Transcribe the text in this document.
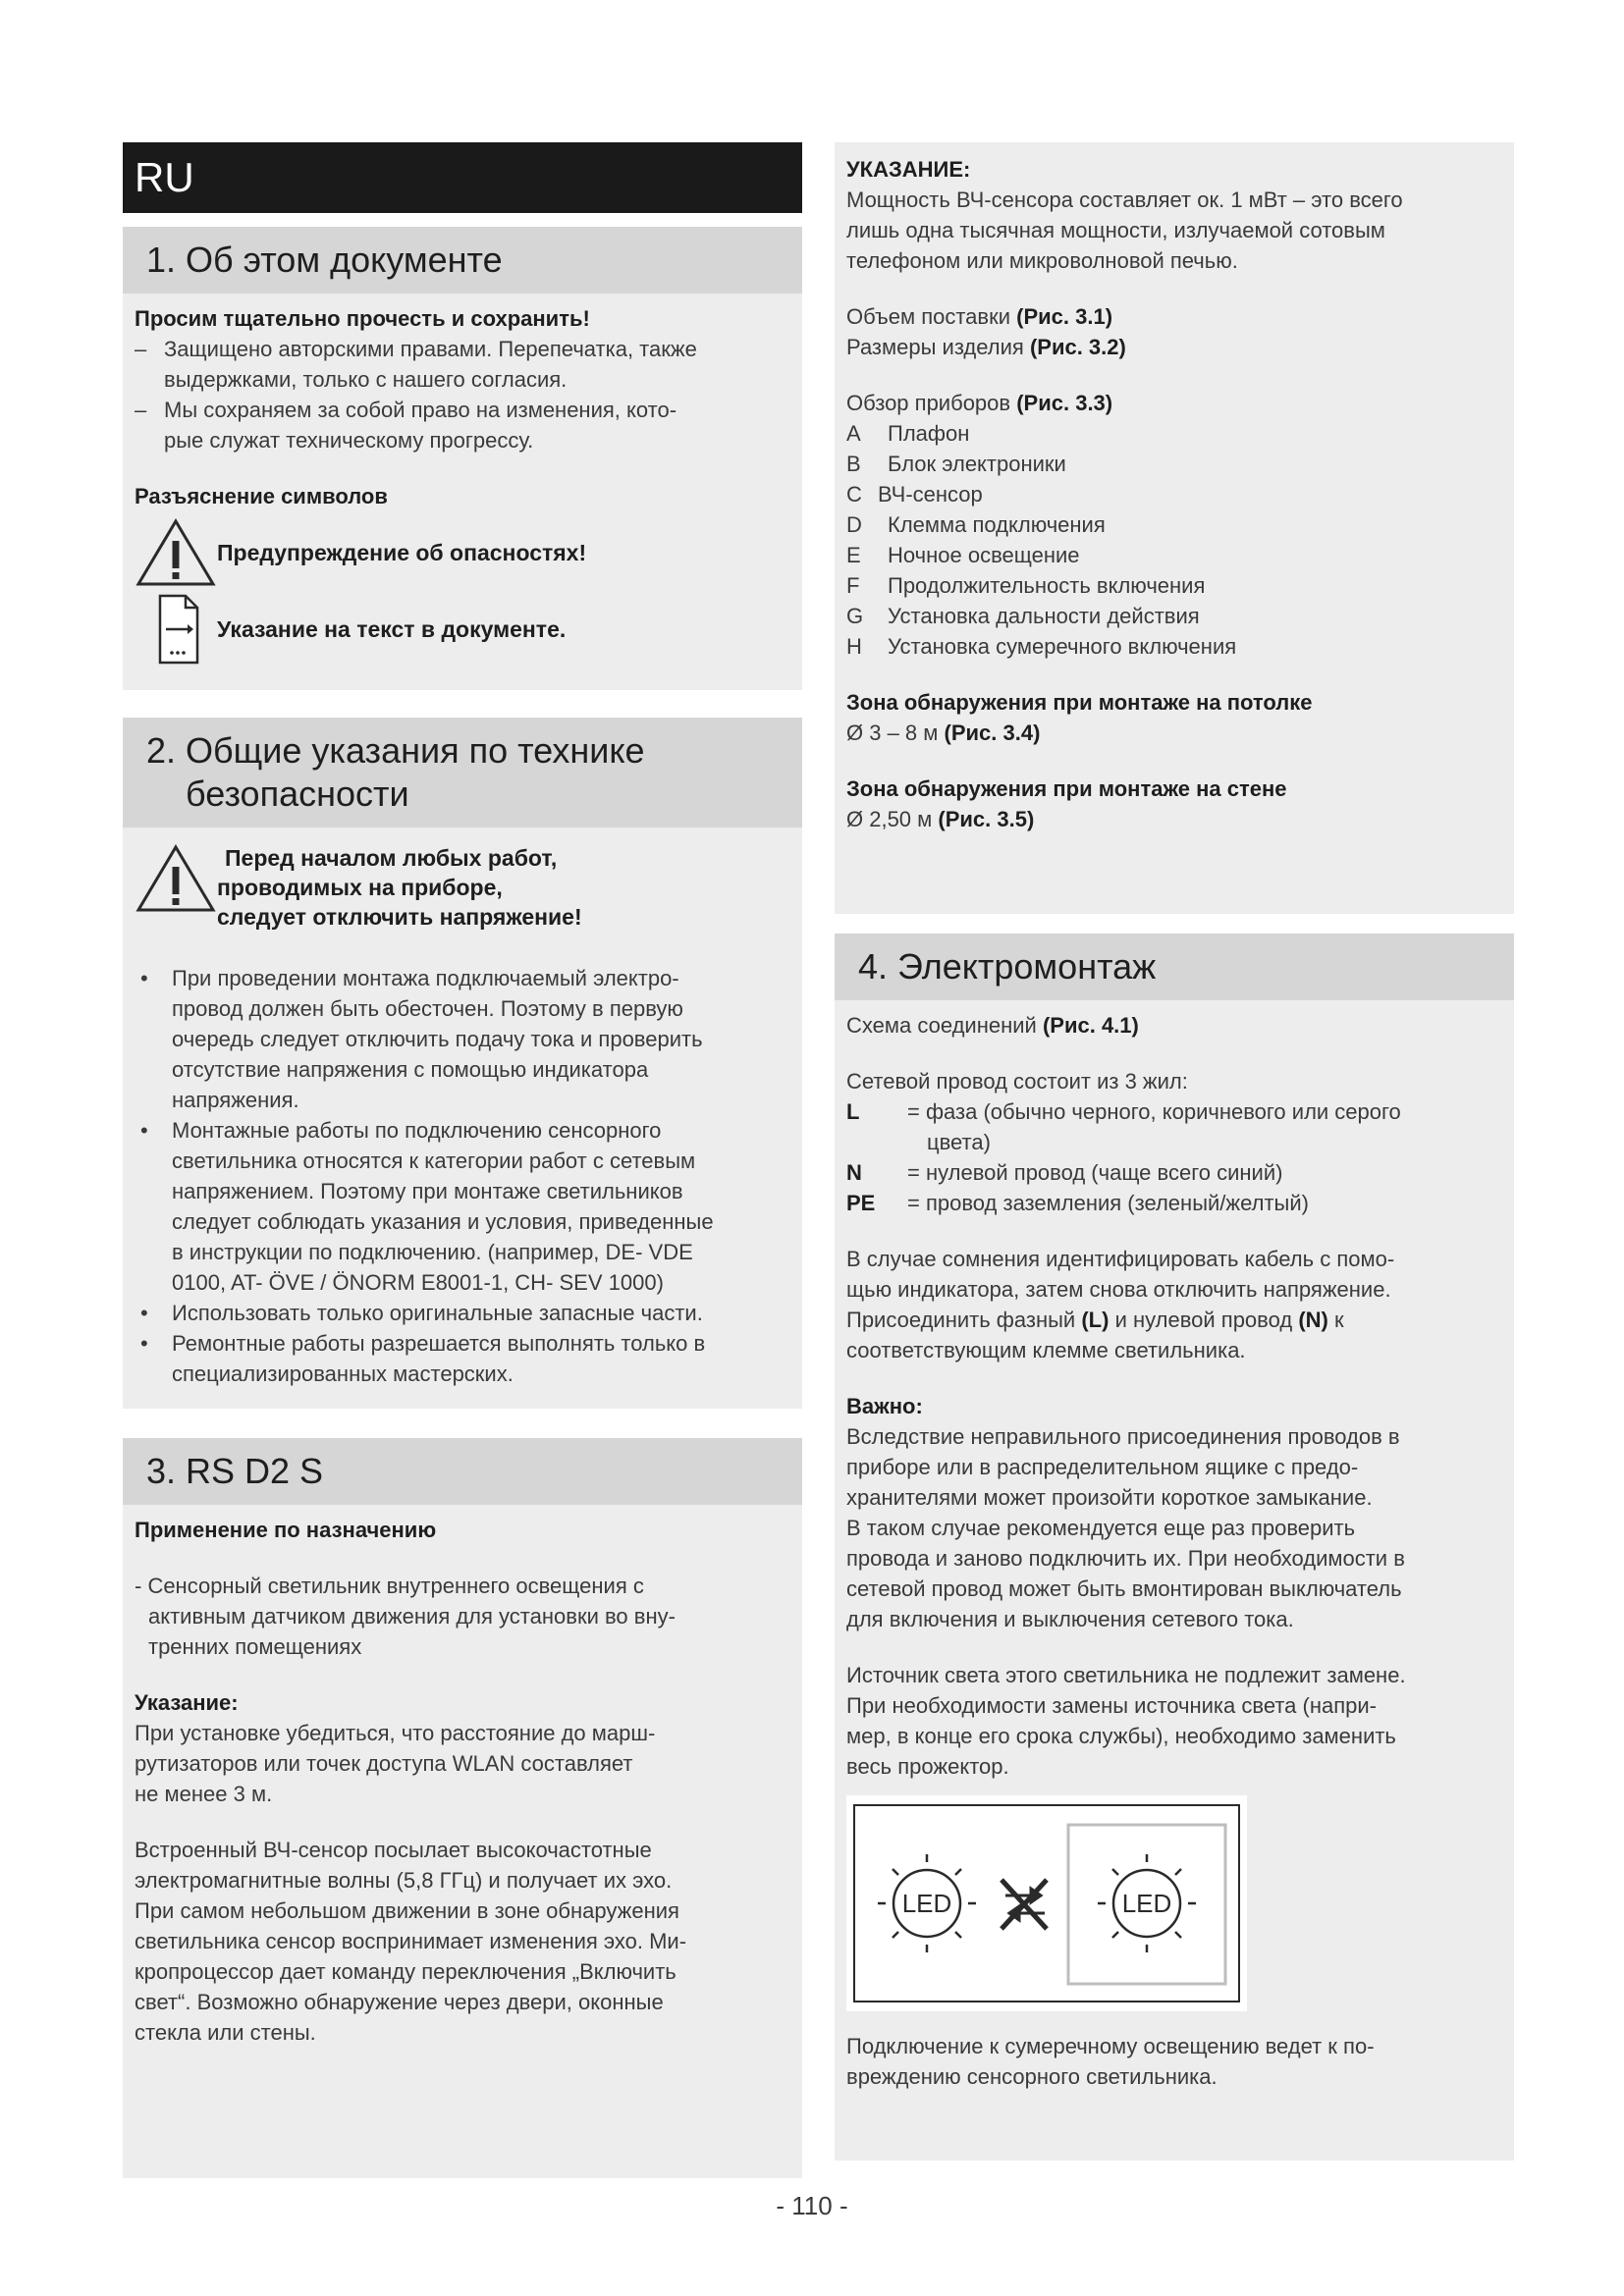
RU
1. Об этом документе

Просим тщательно прочесть и сохранить!

– Защищено авторскими правами. Перепечатка, также
выдержками, только с нашего согласия.
– Мы сохраняем за собой право на изменения, кото-
рые служат техническому прогрессу.

Разъяснение символов

Предупреждение об опасностях!
Указание на текст в документе.
2. Общие указания по технике
безопасности
Перед началом любых работ,
проводимых на приборе,
следует отключить напряжение!
•	При проведении монтажа подключаемый электро-
провод должен быть обесточен. Поэтому в первую
очередь следует отключить подачу тока и проверить
отсутствие напряжения с помощью индикатора
напряжения.
•	Монтажные работы по подключению сенсорного
светильника относятся к категории работ с сетевым
напряжением. Поэтому при монтаже светильников
следует соблюдать указания и условия, приведенные
в инструкции по подключению. (например, DE- VDE
0100, AT- ÖVE / ÖNORM E8001-1, CH- SEV 1000)
•	Использовать только оригинальные запасные части.
•	Ремонтные работы разрешается выполнять только в
специализированных мастерских.
3. RS D2 S

Применение по назначению

- Сенсорный светильник внутреннего освещения с
активным датчиком движения для установки во вну-
тренних помещениях

Указание:

При установке убедиться, что расстояние до марш-
рутизаторов или точек доступа WLAN составляет
не менее 3 м.
Встроенный ВЧ-сенсор посылает высокочастотные
электромагнитные волны (5,8 ГГц) и получает их эхо.
При самом небольшом движении в зоне обнаружения
светильника сенсор воспринимает изменения эхо. Ми-
кропроцессор дает команду переключения „Включить
свет“. Возможно обнаружение через двери, оконные
стекла или стены.

УКАЗАНИЕ:

Мощность ВЧ-сенсора составляет ок. 1 мВт – это всего
лишь одна тысячная мощности, излучаемой сотовым
телефоном или микроволновой печью.
Объем поставки (Рис. 3.1)
Размеры изделия (Рис. 3.2)
Обзор приборов (Рис. 3.3)
A	Плафон
B	Блок электроники
C ВЧ-сенсор
D	Клемма подключения
E	Ночное освещение
F	Продолжительность включения
G	Установка дальности действия
H	Установка сумеречного включения

Зона обнаружения при монтаже на потолке

Ø 3 – 8 м (Рис. 3.4)

Зона обнаружения при монтаже на стене

Ø 2,50 м (Рис. 3.5)
4. Электромонтаж
Схема соединений (Рис. 4.1)
Сетевой провод состоит из 3 жил:
L	= фаза (обычно черного, коричневого или серого
цвета)
N	= нулевой провод (чаще всего синий)
PE	= провод заземления (зеленый/желтый)
В случае сомнения идентифицировать кабель с помо-
щью индикатора, затем снова отключить напряжение.
Присоединить фазный (L) и нулевой провод (N) к
соответствующим клемме светильника.

Важно:

Вследствие неправильного присоединения проводов в
приборе или в распределительном ящике с предо-
хранителями может произойти короткое замыкание.
В таком случае рекомендуется еще раз проверить
провода и заново подключить их. При необходимости в
сетевой провод может быть вмонтирован выключатель
для включения и выключения сетевого тока.
Источник света этого светильника не подлежит замене.
При необходимости замены источника света (напри-
мер, в конце его срока службы), необходимо заменить
весь прожектор.
LED	LED
Подключение к сумеречному освещению ведет к по-
вреждению сенсорного светильника.
- 110 -
